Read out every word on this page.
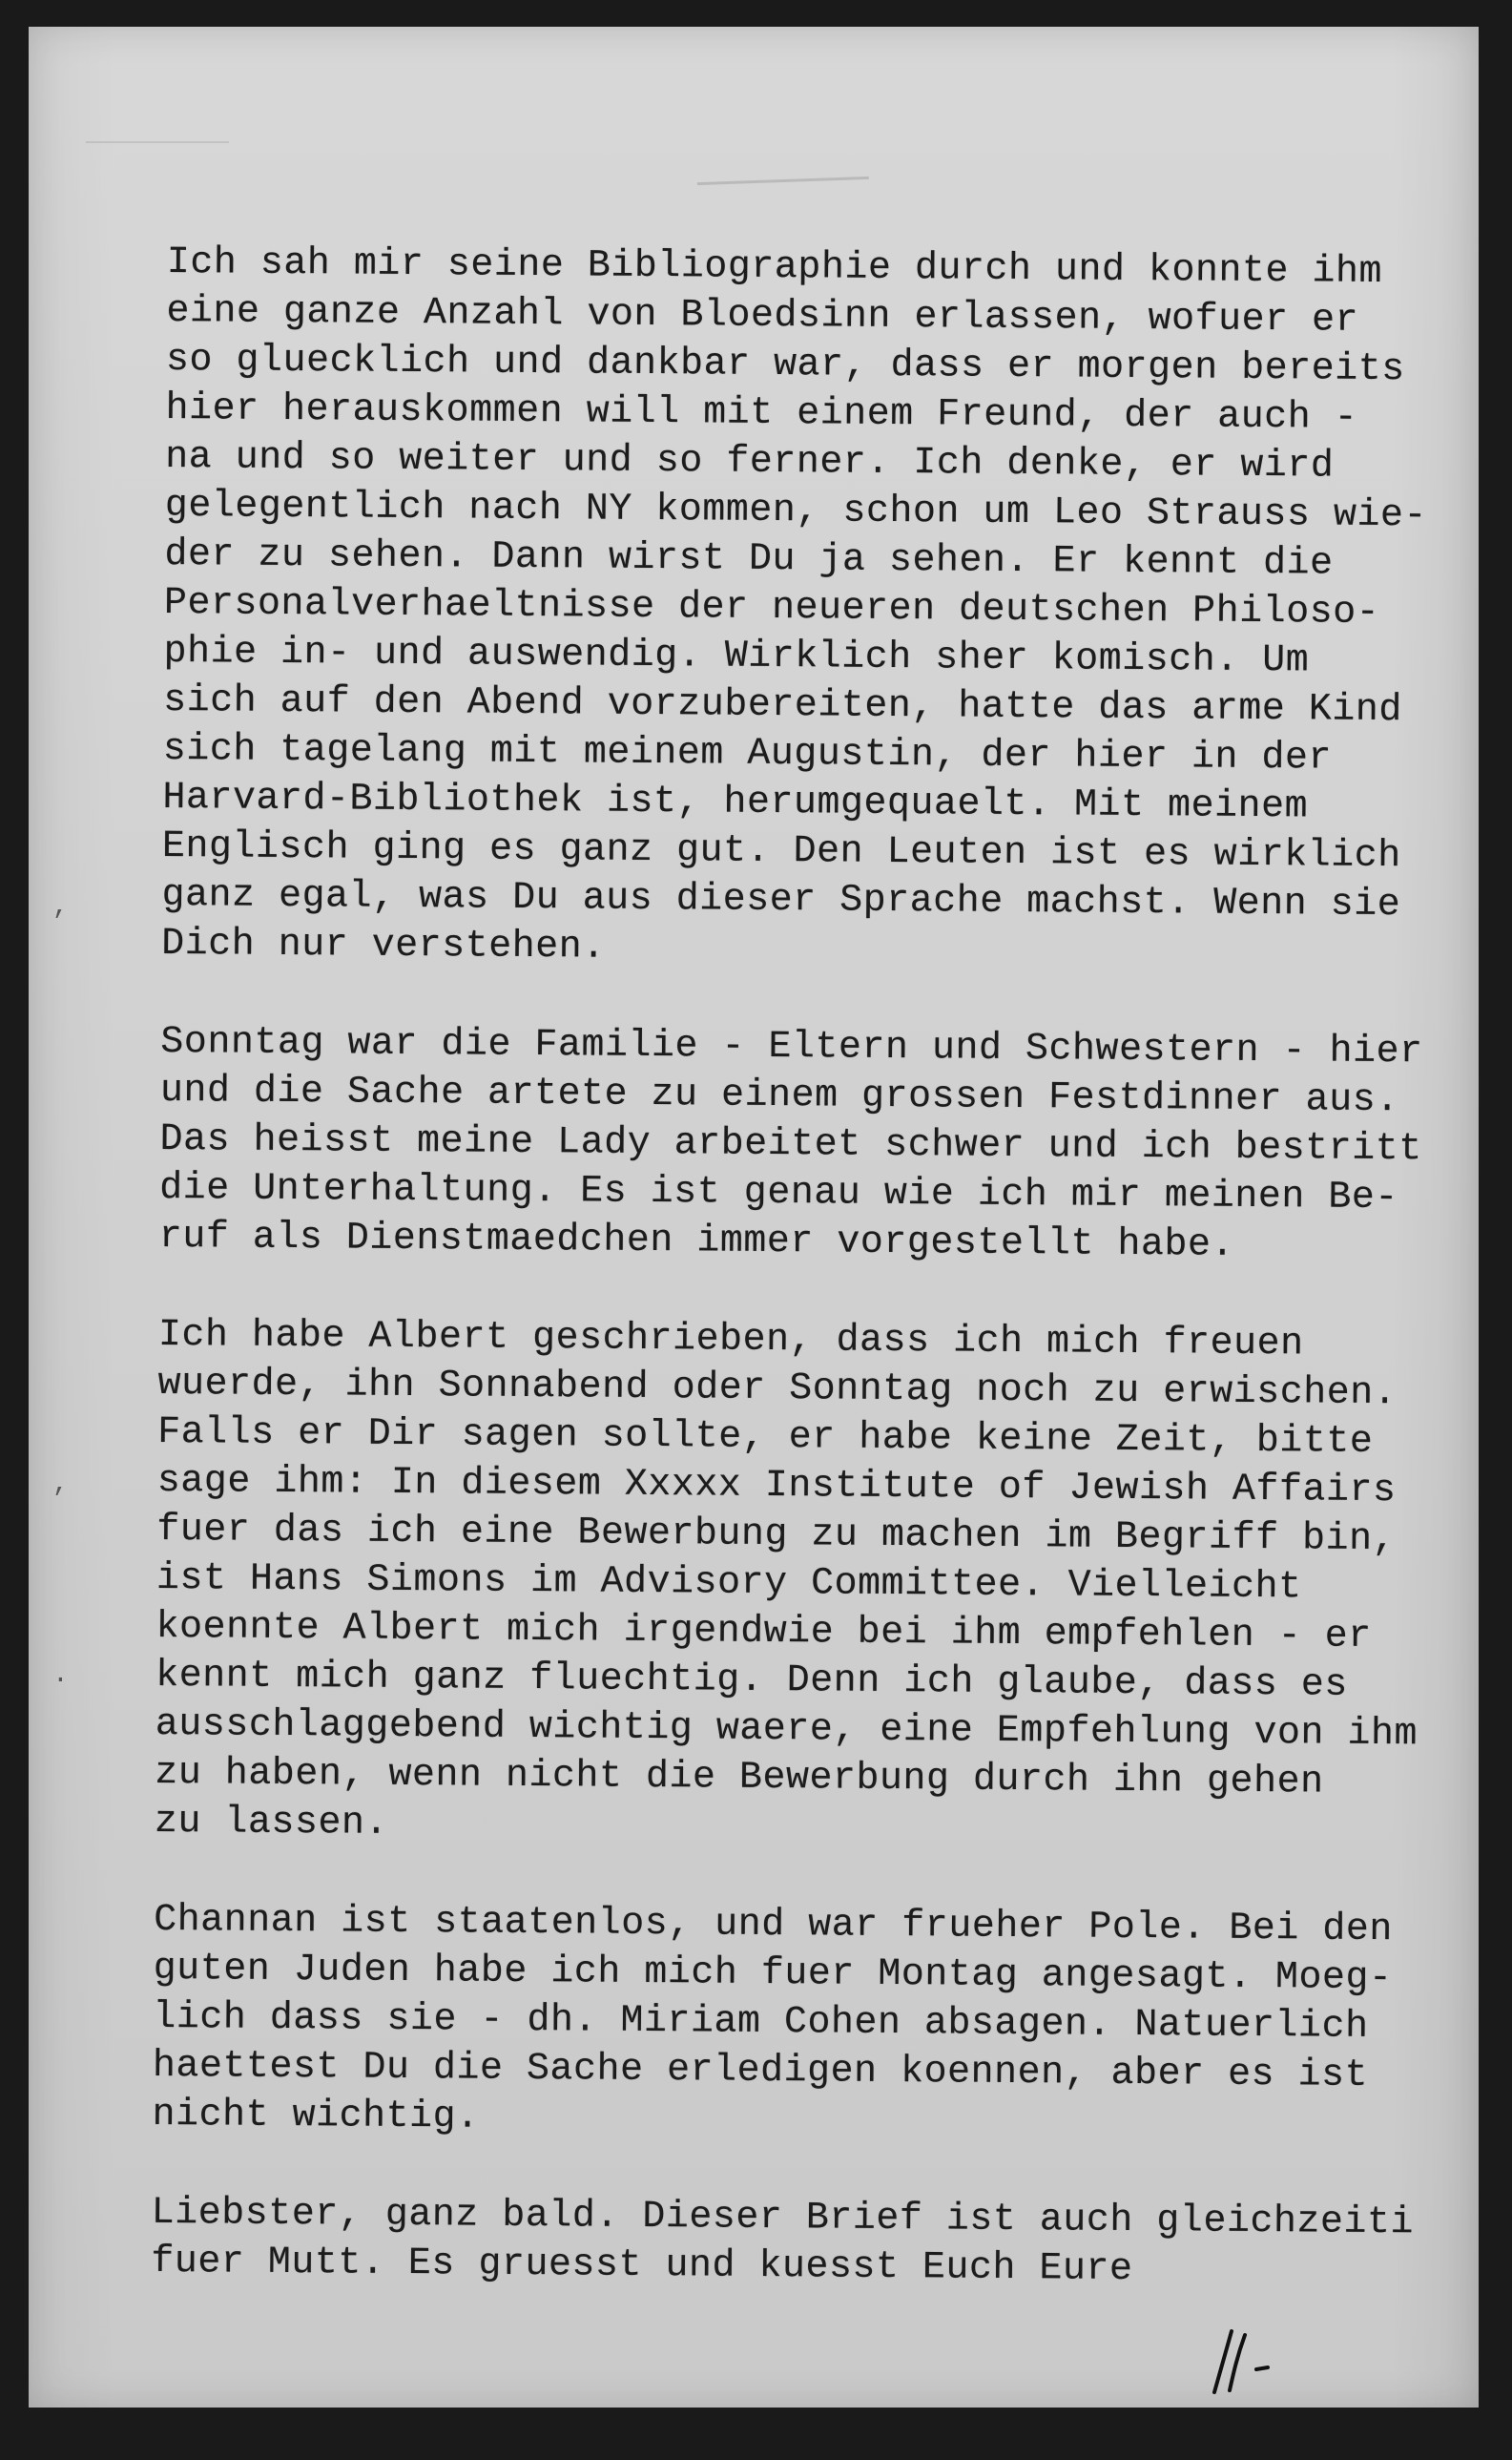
,
,
.
Ich sah mir seine Bibliographie durch und konnte ihm
eine ganze Anzahl von Bloedsinn erlassen, wofuer er
so gluecklich und dankbar war, dass er morgen bereits
hier herauskommen will mit einem Freund, der auch -
na und so weiter und so ferner. Ich denke, er wird
gelegentlich nach NY kommen, schon um Leo Strauss wie-
der zu sehen. Dann wirst Du ja sehen. Er kennt die
Personalverhaeltnisse der neueren deutschen Philoso-
phie in- und auswendig. Wirklich sher komisch. Um
sich auf den Abend vorzubereiten, hatte das arme Kind
sich tagelang mit meinem Augustin, der hier in der
Harvard-Bibliothek ist, herumgequaelt. Mit meinem
Englisch ging es ganz gut. Den Leuten ist es wirklich
ganz egal, was Du aus dieser Sprache machst. Wenn sie
Dich nur verstehen.
Sonntag war die Familie - Eltern und Schwestern - hier
und die Sache artete zu einem grossen Festdinner aus.
Das heisst meine Lady arbeitet schwer und ich bestritt
die Unterhaltung. Es ist genau wie ich mir meinen Be-
ruf als Dienstmaedchen immer vorgestellt habe.
Ich habe Albert geschrieben, dass ich mich freuen
wuerde, ihn Sonnabend oder Sonntag noch zu erwischen.
Falls er Dir sagen sollte, er habe keine Zeit, bitte
sage ihm: In diesem Xxxxx Institute of Jewish Affairs
fuer das ich eine Bewerbung zu machen im Begriff bin,
ist Hans Simons im Advisory Committee. Vielleicht
koennte Albert mich irgendwie bei ihm empfehlen - er
kennt mich ganz fluechtig. Denn ich glaube, dass es
ausschlaggebend wichtig waere, eine Empfehlung von ihm
zu haben, wenn nicht die Bewerbung durch ihn gehen
zu lassen.
Channan ist staatenlos, und war frueher Pole. Bei den
guten Juden habe ich mich fuer Montag angesagt. Moeg-
lich dass sie - dh. Miriam Cohen absagen. Natuerlich
haettest Du die Sache erledigen koennen, aber es ist
nicht wichtig.
Liebster, ganz bald. Dieser Brief ist auch gleichzeiti
fuer Mutt. Es gruesst und kuesst Euch Eure
